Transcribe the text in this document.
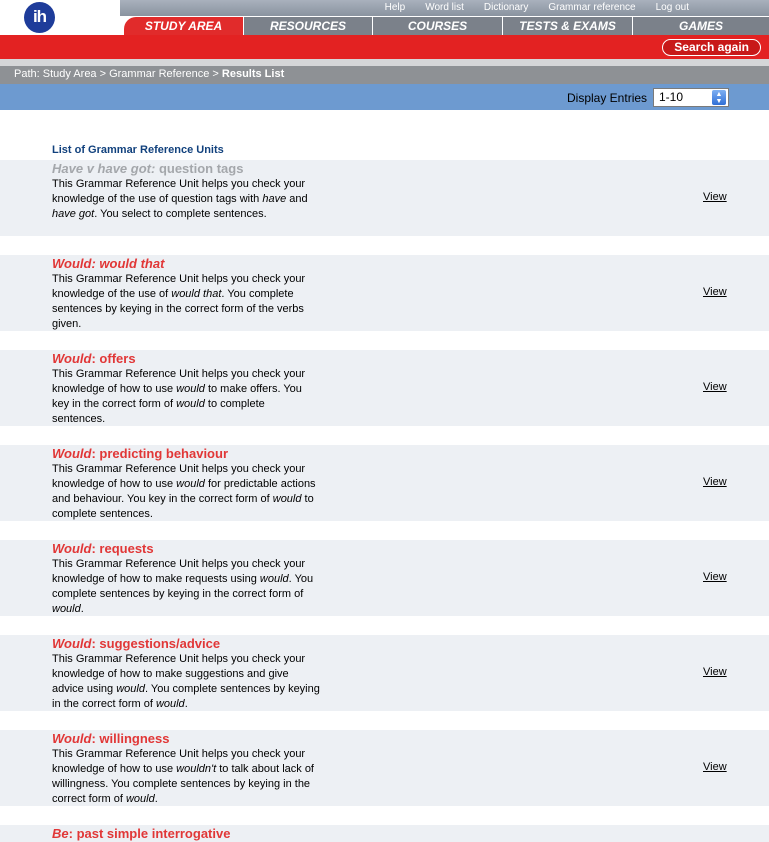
ih	Help	Word list	Dictionary	Grammar reference	Log out
STUDY AREA	RESOURCES	COURSES	TESTS & EXAMS	GAMES
Search again
Path: Study Area > Grammar Reference > Results List
Display Entries 1-10	▲
▼
List of Grammar Reference Units
Have v have got: question tags
This Grammar Reference Unit helps you check your knowledge of the use of question tags with have and have got. You select to complete sentences.
View
Would: would that
This Grammar Reference Unit helps you check your knowledge of the use of would that. You complete sentences by keying in the correct form of the verbs given.
View
Would: offers
This Grammar Reference Unit helps you check your knowledge of how to use would to make offers. You key in the correct form of would to complete sentences.
View
Would: predicting behaviour
This Grammar Reference Unit helps you check your knowledge of how to use would for predictable actions and behaviour. You key in the correct form of would to complete sentences.
View
Would: requests
This Grammar Reference Unit helps you check your knowledge of how to make requests using would. You complete sentences by keying in the correct form of would.
View
Would: suggestions/advice
This Grammar Reference Unit helps you check your knowledge of how to make suggestions and give advice using would. You complete sentences by keying in the correct form of would.
View
Would: willingness
This Grammar Reference Unit helps you check your knowledge of how to use wouldn't to talk about lack of willingness. You complete sentences by keying in the correct form of would.
View
Be: past simple interrogative
